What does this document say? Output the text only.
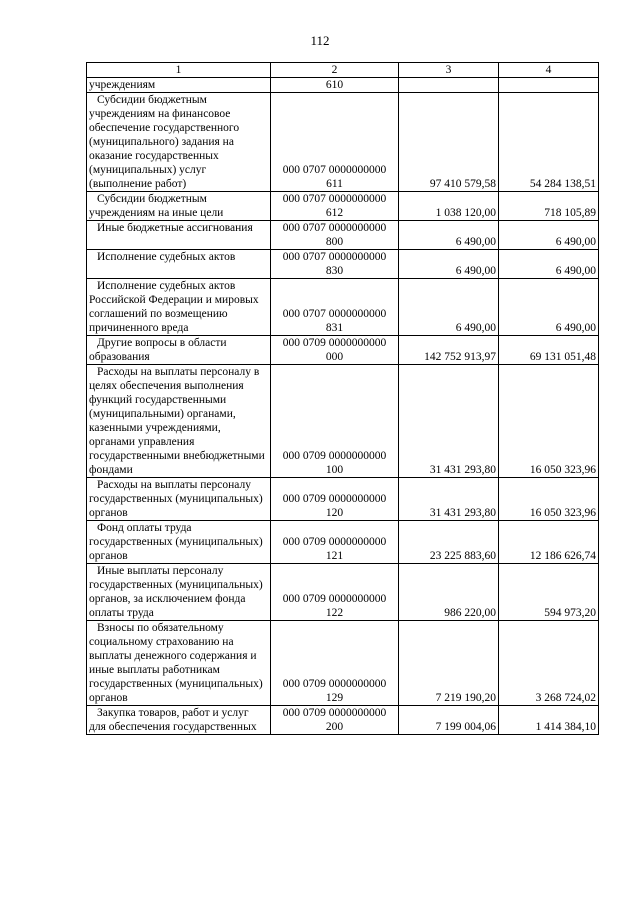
112
1	2	3	4

учреждениям	610		

Субсидии бюджетным учреждениям на финансовое обеспечение государственного (муниципального) задания на оказание государственных (муниципальных) услуг (выполнение работ)	000 0707 0000000000
611	97 410 579,58	54 284 138,51

Субсидии бюджетным учреждениям на иные цели	000 0707 0000000000
612	1 038 120,00	718 105,89

Иные бюджетные ассигнования	000 0707 0000000000
800	6 490,00	6 490,00

Исполнение судебных актов	000 0707 0000000000
830	6 490,00	6 490,00

Исполнение судебных актов Российской Федерации и мировых соглашений по возмещению причиненного вреда	000 0707 0000000000
831	6 490,00	6 490,00

Другие вопросы в области образования	000 0709 0000000000
000	142 752 913,97	69 131 051,48

Расходы на выплаты персоналу в целях обеспечения выполнения функций государственными (муниципальными) органами, казенными учреждениями, органами управления государственными внебюджетными фондами	000 0709 0000000000
100	31 431 293,80	16 050 323,96

Расходы на выплаты персоналу государственных (муниципальных) органов	000 0709 0000000000
120	31 431 293,80	16 050 323,96

Фонд оплаты труда государственных (муниципальных) органов	000 0709 0000000000
121	23 225 883,60	12 186 626,74

Иные выплаты персоналу государственных (муниципальных) органов, за исключением фонда оплаты труда	000 0709 0000000000
122	986 220,00	594 973,20

Взносы по обязательному социальному страхованию на выплаты денежного содержания и иные выплаты работникам государственных (муниципальных) органов	000 0709 0000000000
129	7 219 190,20	3 268 724,02

Закупка товаров, работ и услуг для обеспечения государственных	000 0709 0000000000
200	7 199 004,06	1 414 384,10
